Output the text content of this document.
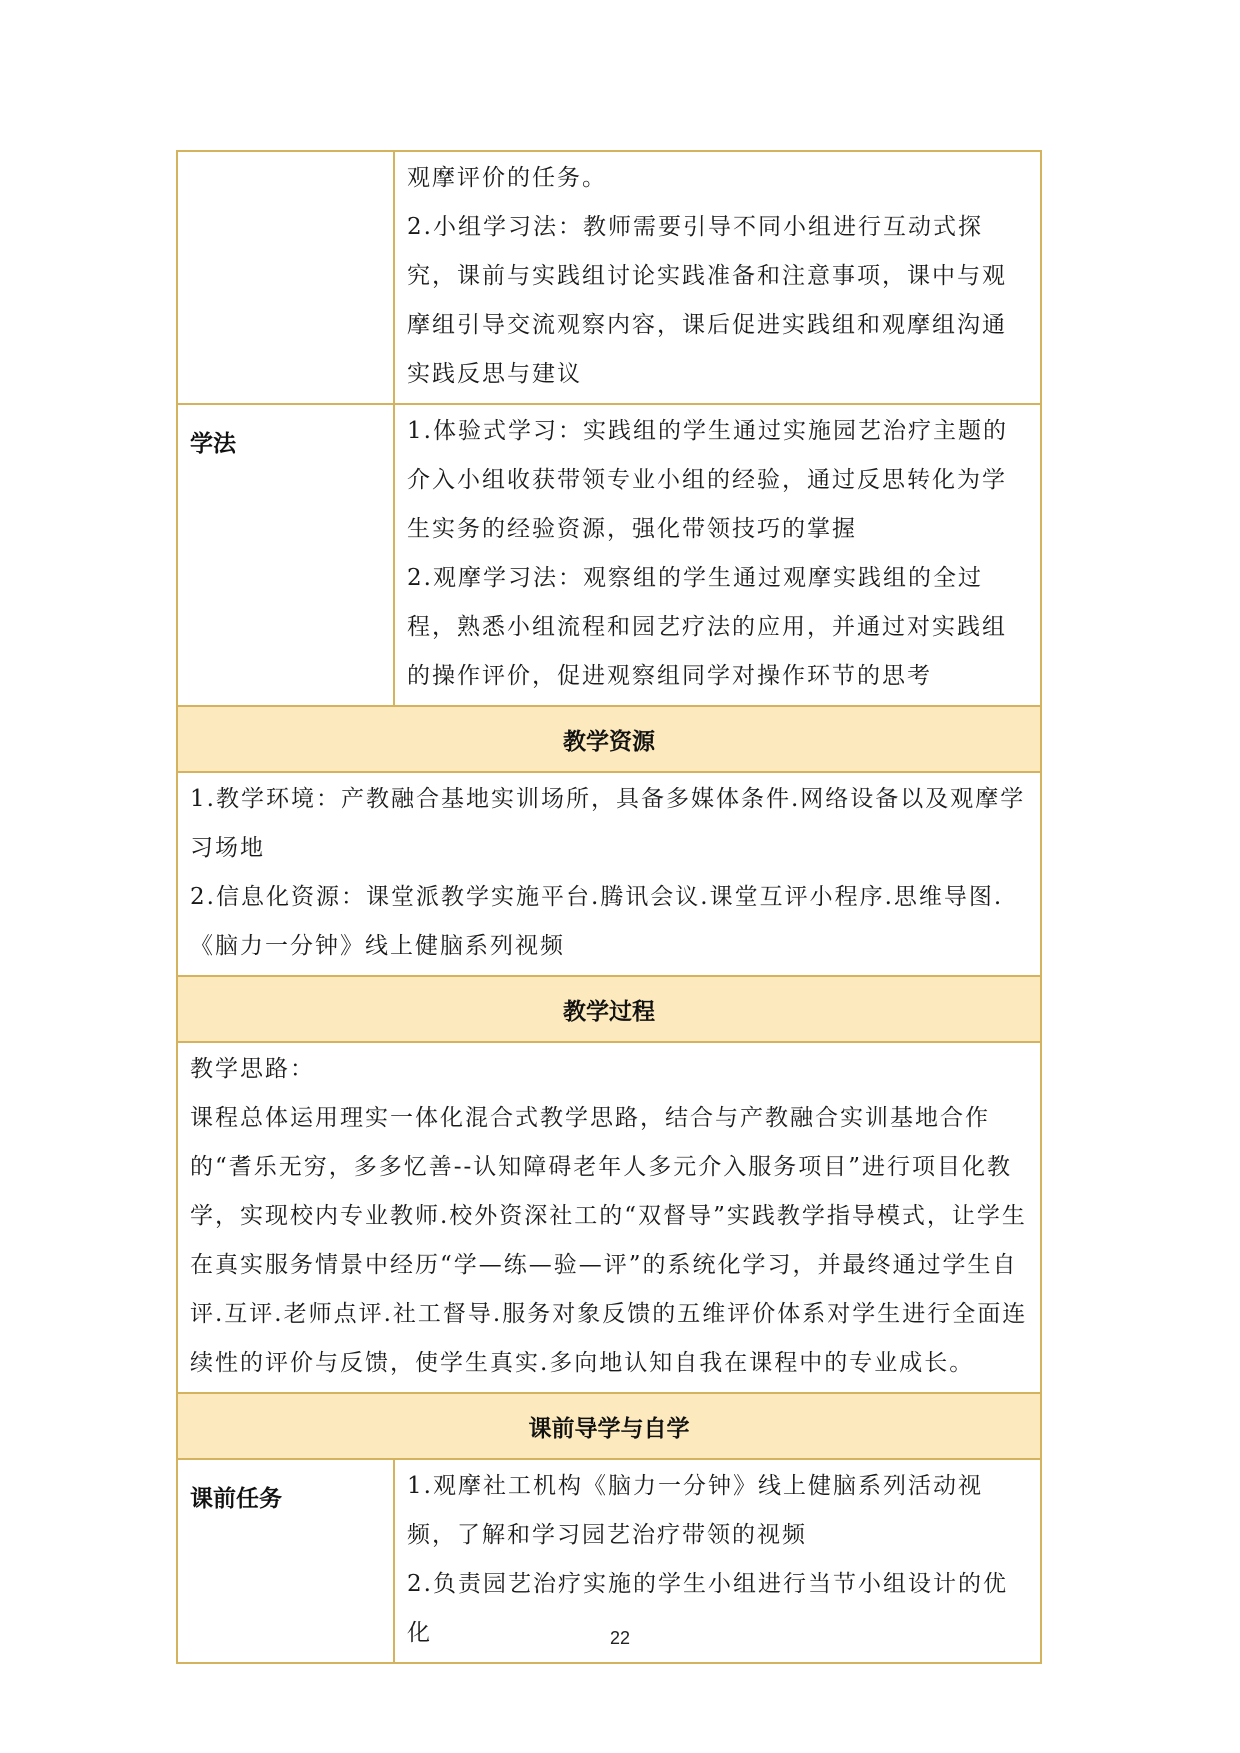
	观摩评价的任务。

2.小组学习法：教师需要引导不同小组进行互动式探究，课前与实践组讨论实践准备和注意事项，课中与观摩组引导交流观察内容，课后促进实践组和观摩组沟通实践反思与建议

学法	1.体验式学习：实践组的学生通过实施园艺治疗主题的介入小组收获带领专业小组的经验，通过反思转化为学生实务的经验资源，强化带领技巧的掌握

2.观摩学习法：观察组的学生通过观摩实践组的全过程，熟悉小组流程和园艺疗法的应用，并通过对实践组的操作评价，促进观察组同学对操作环节的思考

教学资源	

1.教学环境：产教融合基地实训场所，具备多媒体条件.网络设备以及观摩学习场地

2.信息化资源：课堂派教学实施平台.腾讯会议.课堂互评小程序.思维导图.《脑力一分钟》线上健脑系列视频	

教学过程	

教学思路：

课程总体运用理实一体化混合式教学思路，结合与产教融合实训基地合作的“耆乐无穷，多多忆善--认知障碍老年人多元介入服务项目”进行项目化教学，实现校内专业教师.校外资深社工的“双督导”实践教学指导模式，让学生在真实服务情景中经历“学—练—验—评”的系统化学习，并最终通过学生自评.互评.老师点评.社工督导.服务对象反馈的五维评价体系对学生进行全面连续性的评价与反馈，使学生真实.多向地认知自我在课程中的专业成长。	

课前导学与自学	
课前任务	1.观摩社工机构《脑力一分钟》线上健脑系列活动视频，了解和学习园艺治疗带领的视频

2.负责园艺治疗实施的学生小组进行当节小组设计的优化	22
